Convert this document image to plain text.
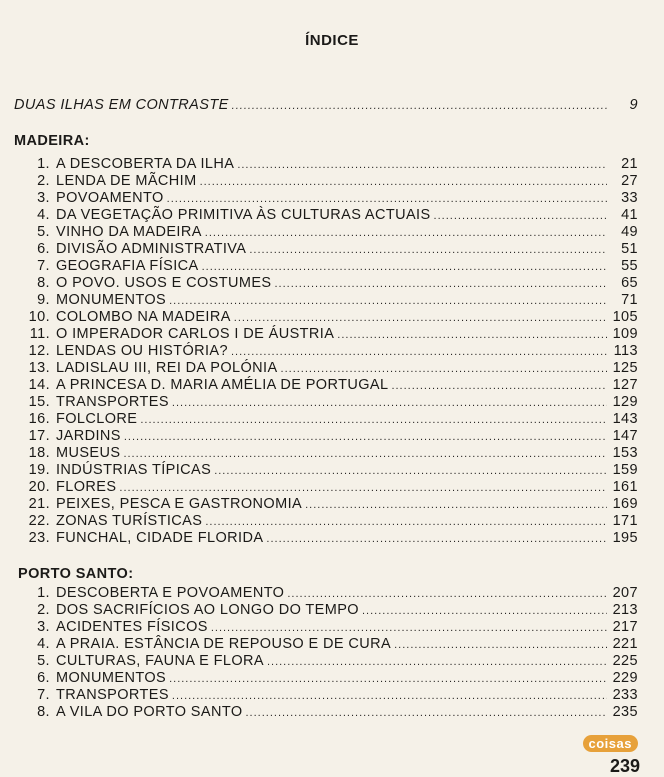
ÍNDICE
DUAS ILHAS EM CONTRASTE .....	9
MADEIRA:
1. A DESCOBERTA DA ILHA .....	21
2. LENDA DE MÃCHIM .....	27
3. POVOAMENTO .....	33
4. DA VEGETAÇÃO PRIMITIVA ÀS CULTURAS ACTUAIS .....	41
5. VINHO DA MADEIRA .....	49
6. DIVISÃO ADMINISTRATIVA .....	51
7. GEOGRAFIA FÍSICA .....	55
8. O POVO. USOS E COSTUMES .....	65
9. MONUMENTOS .....	71
10. COLOMBO NA MADEIRA .....	105
11. O IMPERADOR CARLOS I DE ÁUSTRIA .....	109
12. LENDAS OU HISTÓRIA? .....	113
13. LADISLAU III, REI DA POLÓNIA .....	125
14. A PRINCESA D. MARIA AMÉLIA DE PORTUGAL .....	127
15. TRANSPORTES .....	129
16. FOLCLORE .....	143
17. JARDINS .....	147
18. MUSEUS .....	153
19. INDÚSTRIAS TÍPICAS .....	159
20. FLORES .....	161
21. PEIXES, PESCA E GASTRONOMIA .....	169
22. ZONAS TURÍSTICAS .....	171
23. FUNCHAL, CIDADE FLORIDA .....	195
PORTO SANTO:
1. DESCOBERTA E POVOAMENTO .....	207
2. DOS SACRIFÍCIOS AO LONGO DO TEMPO .....	213
3. ACIDENTES FÍSICOS .....	217
4. A PRAIA. ESTÂNCIA DE REPOUSO E DE CURA .....	221
5. CULTURAS, FAUNA E FLORA .....	225
6. MONUMENTOS .....	229
7. TRANSPORTES .....	233
8. A VILA DO PORTO SANTO .....	235
coisas
239
